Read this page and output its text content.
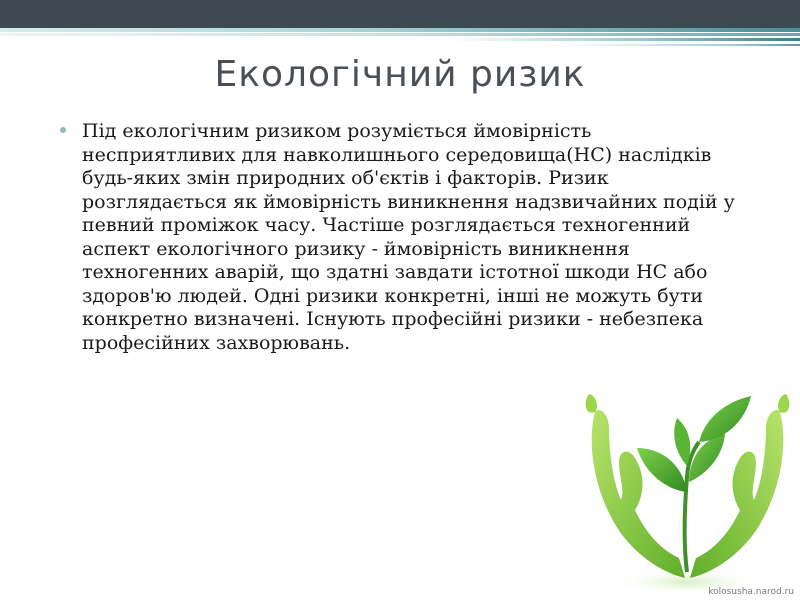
Екологічний ризик

Під екологічним ризиком розуміється ймовірність несприятливих для навколишнього середовища(НС) наслідків будь-яких змін природних об'єктів і факторів. Ризик розглядається як ймовірність виникнення надзвичайних подій у певний проміжок часу. Частіше розглядається техногенний аспект екологічного ризику - ймовірність виникнення техногенних аварій, що здатні завдати істотної шкоди НС або здоров'ю людей. Одні ризики конкретні, інші не можуть бути конкретно визначені. Існують професійні ризики - небезпека професійних захворювань.

kolosusha.narod.ru
